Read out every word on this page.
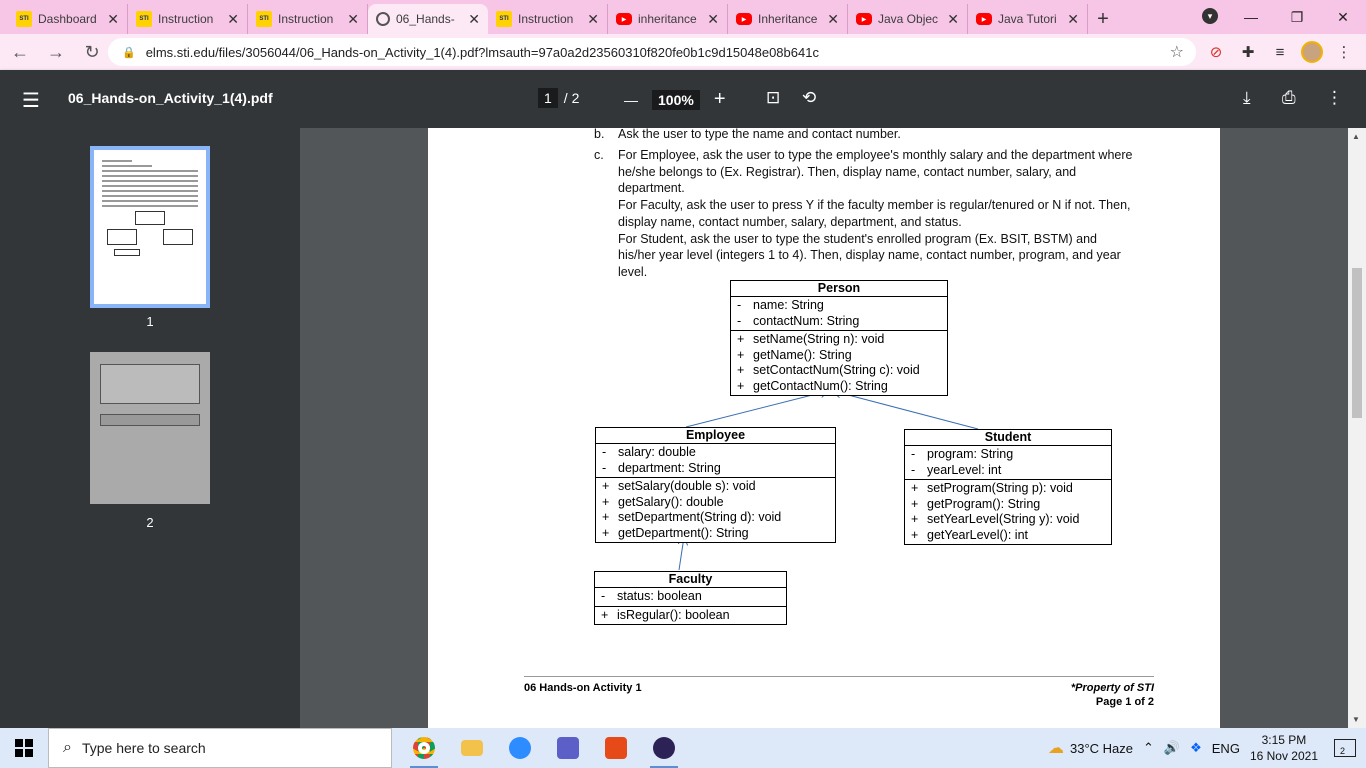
STI Dashboard ✕	STI Instruction ✕	STI Instruction ✕	06_Hands- ✕	STI Instruction ✕	▶ inheritance ✕	▶ Inheritance ✕	▶ Java Objec ✕	▶ Java Tutori ✕ +	▾	—	❐	✕
←	→	↻	🔒 elms.sti.edu/files/3056044/06_Hands-on_Activity_1(4).pdf?lmsauth=97a0a2d23560310f820fe0b1c9d15048e08b641c	☆	⊘	✚	≡	⋮
☰ 06_Hands-on_Activity_1(4).pdf	1 / 2	—	100%	+ ⊡ ⟲	⤓ ⎙ ⋮
1
2
b. Ask the user to type the name and contact number.
c. For Employee, ask the user to type the employee's monthly salary and the department where
he/she belongs to (Ex. Registrar). Then, display name, contact number, salary, and
department.
For Faculty, ask the user to press Y if the faculty member is regular/tenured or N if not. Then,
display name, contact number, salary, department, and status.
For Student, ask the user to type the student's enrolled program (Ex. BSIT, BSTM) and
his/her year level (integers 1 to 4). Then, display name, contact number, program, and year
level.
Person
- name: String
- contactNum: String
+ setName(String n): void
+ getName(): String
+ setContactNum(String c): void
+ getContactNum(): String
Employee
- salary: double
- department: String
+ setSalary(double s): void
+ getSalary(): double
+ setDepartment(String d): void
+ getDepartment(): String
Student
- program: String
- yearLevel: int
+ setProgram(String p): void
+ getProgram(): String
+ setYearLevel(String y): void
+ getYearLevel(): int
Faculty
- status: boolean
+ isRegular(): boolean
06 Hands-on Activity 1	*Property of STI
Page 1 of 2
▲
▼
⌕ Type here to search	☁ 33°C Haze ⌃ 🔊 ❖ ENG
3:15 PM
16 Nov 2021 2
